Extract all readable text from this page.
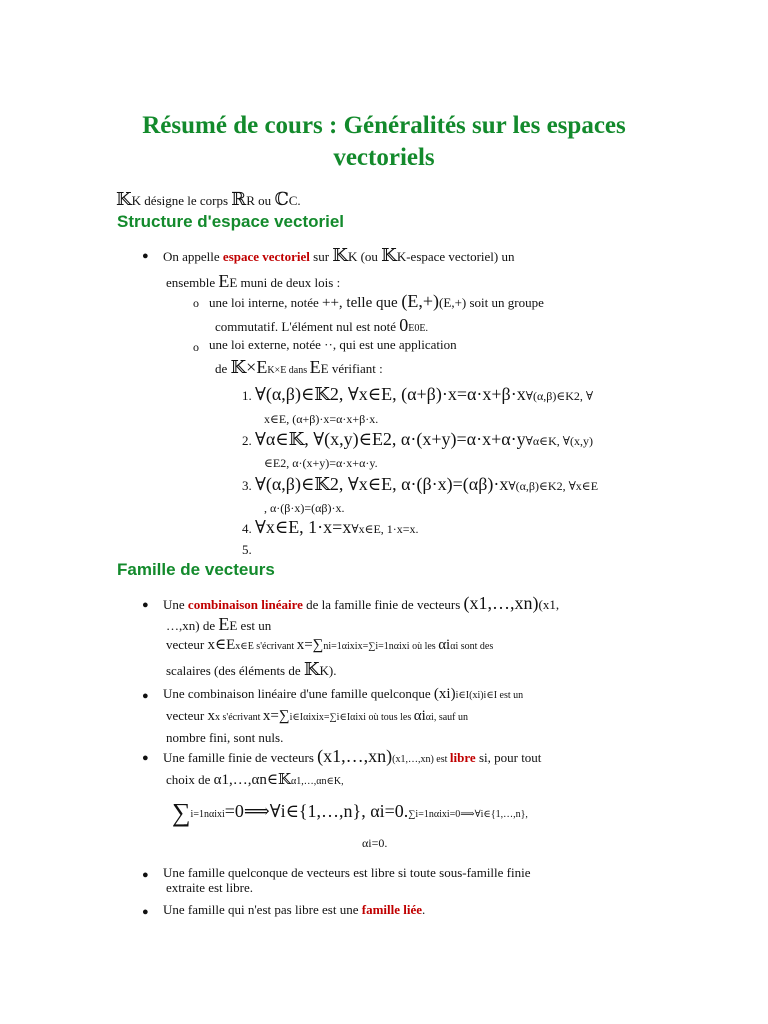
Résumé de cours : Généralités sur les espaces vectoriels
𝕂K désigne le corps ℝR ou ℂC.
Structure d'espace vectoriel
● On appelle espace vectoriel sur 𝕂K (ou 𝕂K-espace vectoriel) un
ensemble EE muni de deux lois :
o une loi interne, notée ++, telle que (E,+)(E,+) soit un groupe
commutatif. L'élément nul est noté 0E0E.
o une loi externe, notée ··, qui est une application
de 𝕂×EK×E dans EE vérifiant :
1. ∀(α,β)∈𝕂2, ∀x∈E, (α+β)·x=α·x+β·x∀(α,β)∈K2, ∀
x∈E, (α+β)·x=α·x+β·x.
2. ∀α∈𝕂, ∀(x,y)∈E2, α·(x+y)=α·x+α·y∀α∈K, ∀(x,y)
∈E2, α·(x+y)=α·x+α·y.
3. ∀(α,β)∈𝕂2, ∀x∈E, α·(β·x)=(αβ)·x∀(α,β)∈K2, ∀x∈E
, α·(β·x)=(αβ)·x.
4. ∀x∈E, 1·x=x∀x∈E, 1·x=x.
5.
Famille de vecteurs
● Une combinaison linéaire de la famille finie de vecteurs (x1,…,xn)(x1,
…,xn) de EE est un
vecteur x∈Ex∈E s'écrivant x=∑ni=1αixix=∑i=1nαixi où les αiαi sont des
scalaires (des éléments de 𝕂K).
● Une combinaison linéaire d'une famille quelconque (xi)i∈I(xi)i∈I est un
vecteur xx s'écrivant x=∑i∈Iαixix=∑i∈Iαixi où tous les αiαi, sauf un
nombre fini, sont nuls.
● Une famille finie de vecteurs (x1,…,xn)(x1,…,xn) est libre si, pour tout
choix de α1,…,αn∈𝕂α1,…,αn∈K,
∑i=1nαixi=0⟹∀i∈{1,…,n}, αi=0.∑i=1nαixi=0⟹∀i∈{1,…,n},
αi=0.
● Une famille quelconque de vecteurs est libre si toute sous-famille finie
extraite est libre.
● Une famille qui n'est pas libre est une famille liée.
